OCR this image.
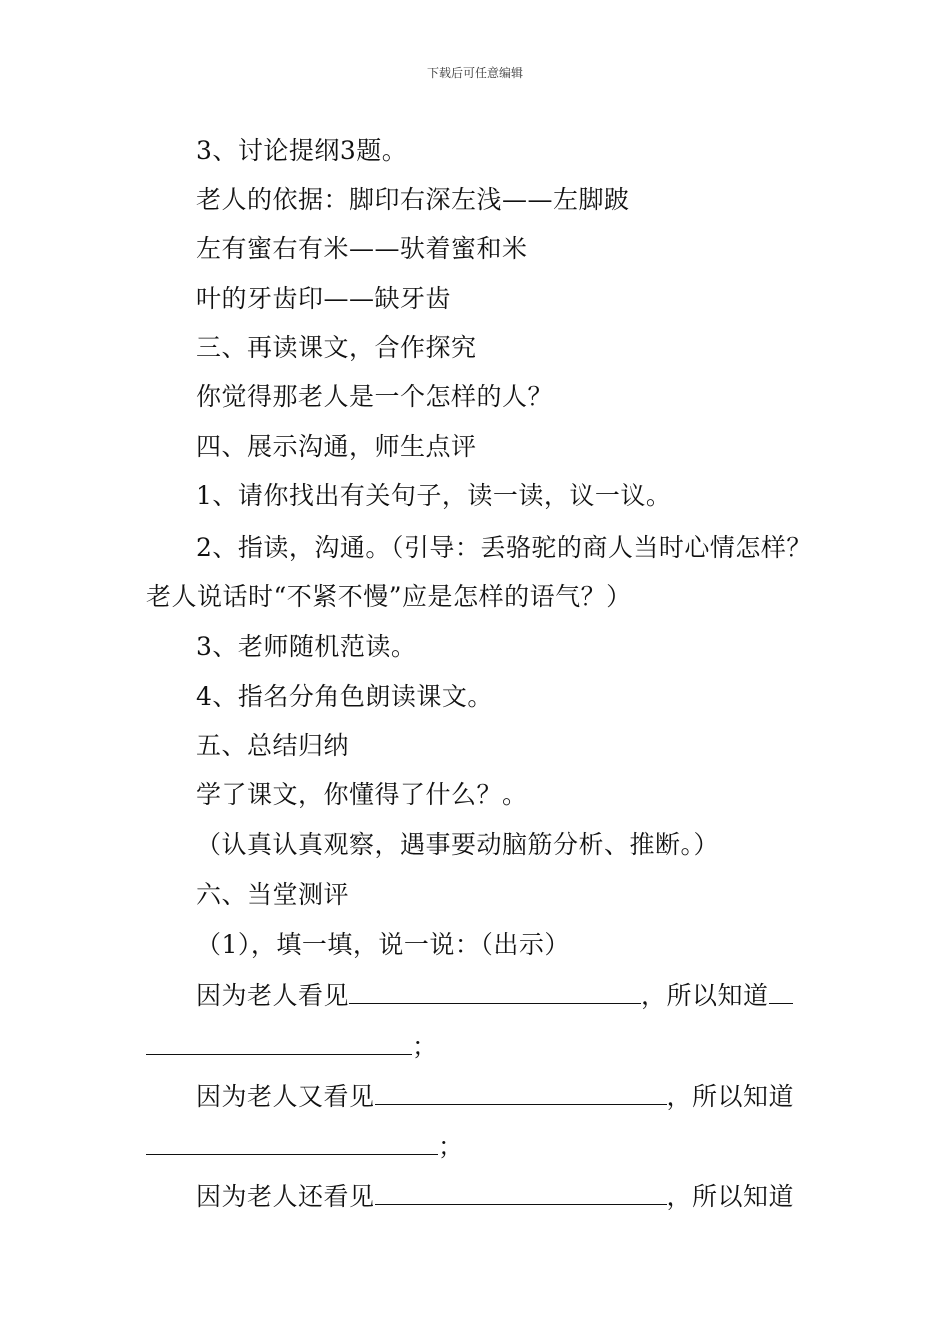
下载后可任意编辑
3、讨论提纲3题。
老人的依据：脚印右深左浅——左脚跛
左有蜜右有米——驮着蜜和米
叶的牙齿印——缺牙齿
三、再读课文，合作探究
你觉得那老人是一个怎样的人？
四、展示沟通，师生点评
1、请你找出有关句子，读一读，议一议。
2、指读，沟通。（引导：丢骆驼的商人当时心情怎样？
老人说话时“不紧不慢”应是怎样的语气？）
3、老师随机范读。
4、指名分角色朗读课文。
五、总结归纳
学了课文，你懂得了什么？。
（认真认真观察，遇事要动脑筋分析、推断。）
六、当堂测评
（1），填一填，说一说：（出示）
因为老人看见	，所以知道
；
因为老人又看见	，所以知道
；
因为老人还看见	，所以知道
